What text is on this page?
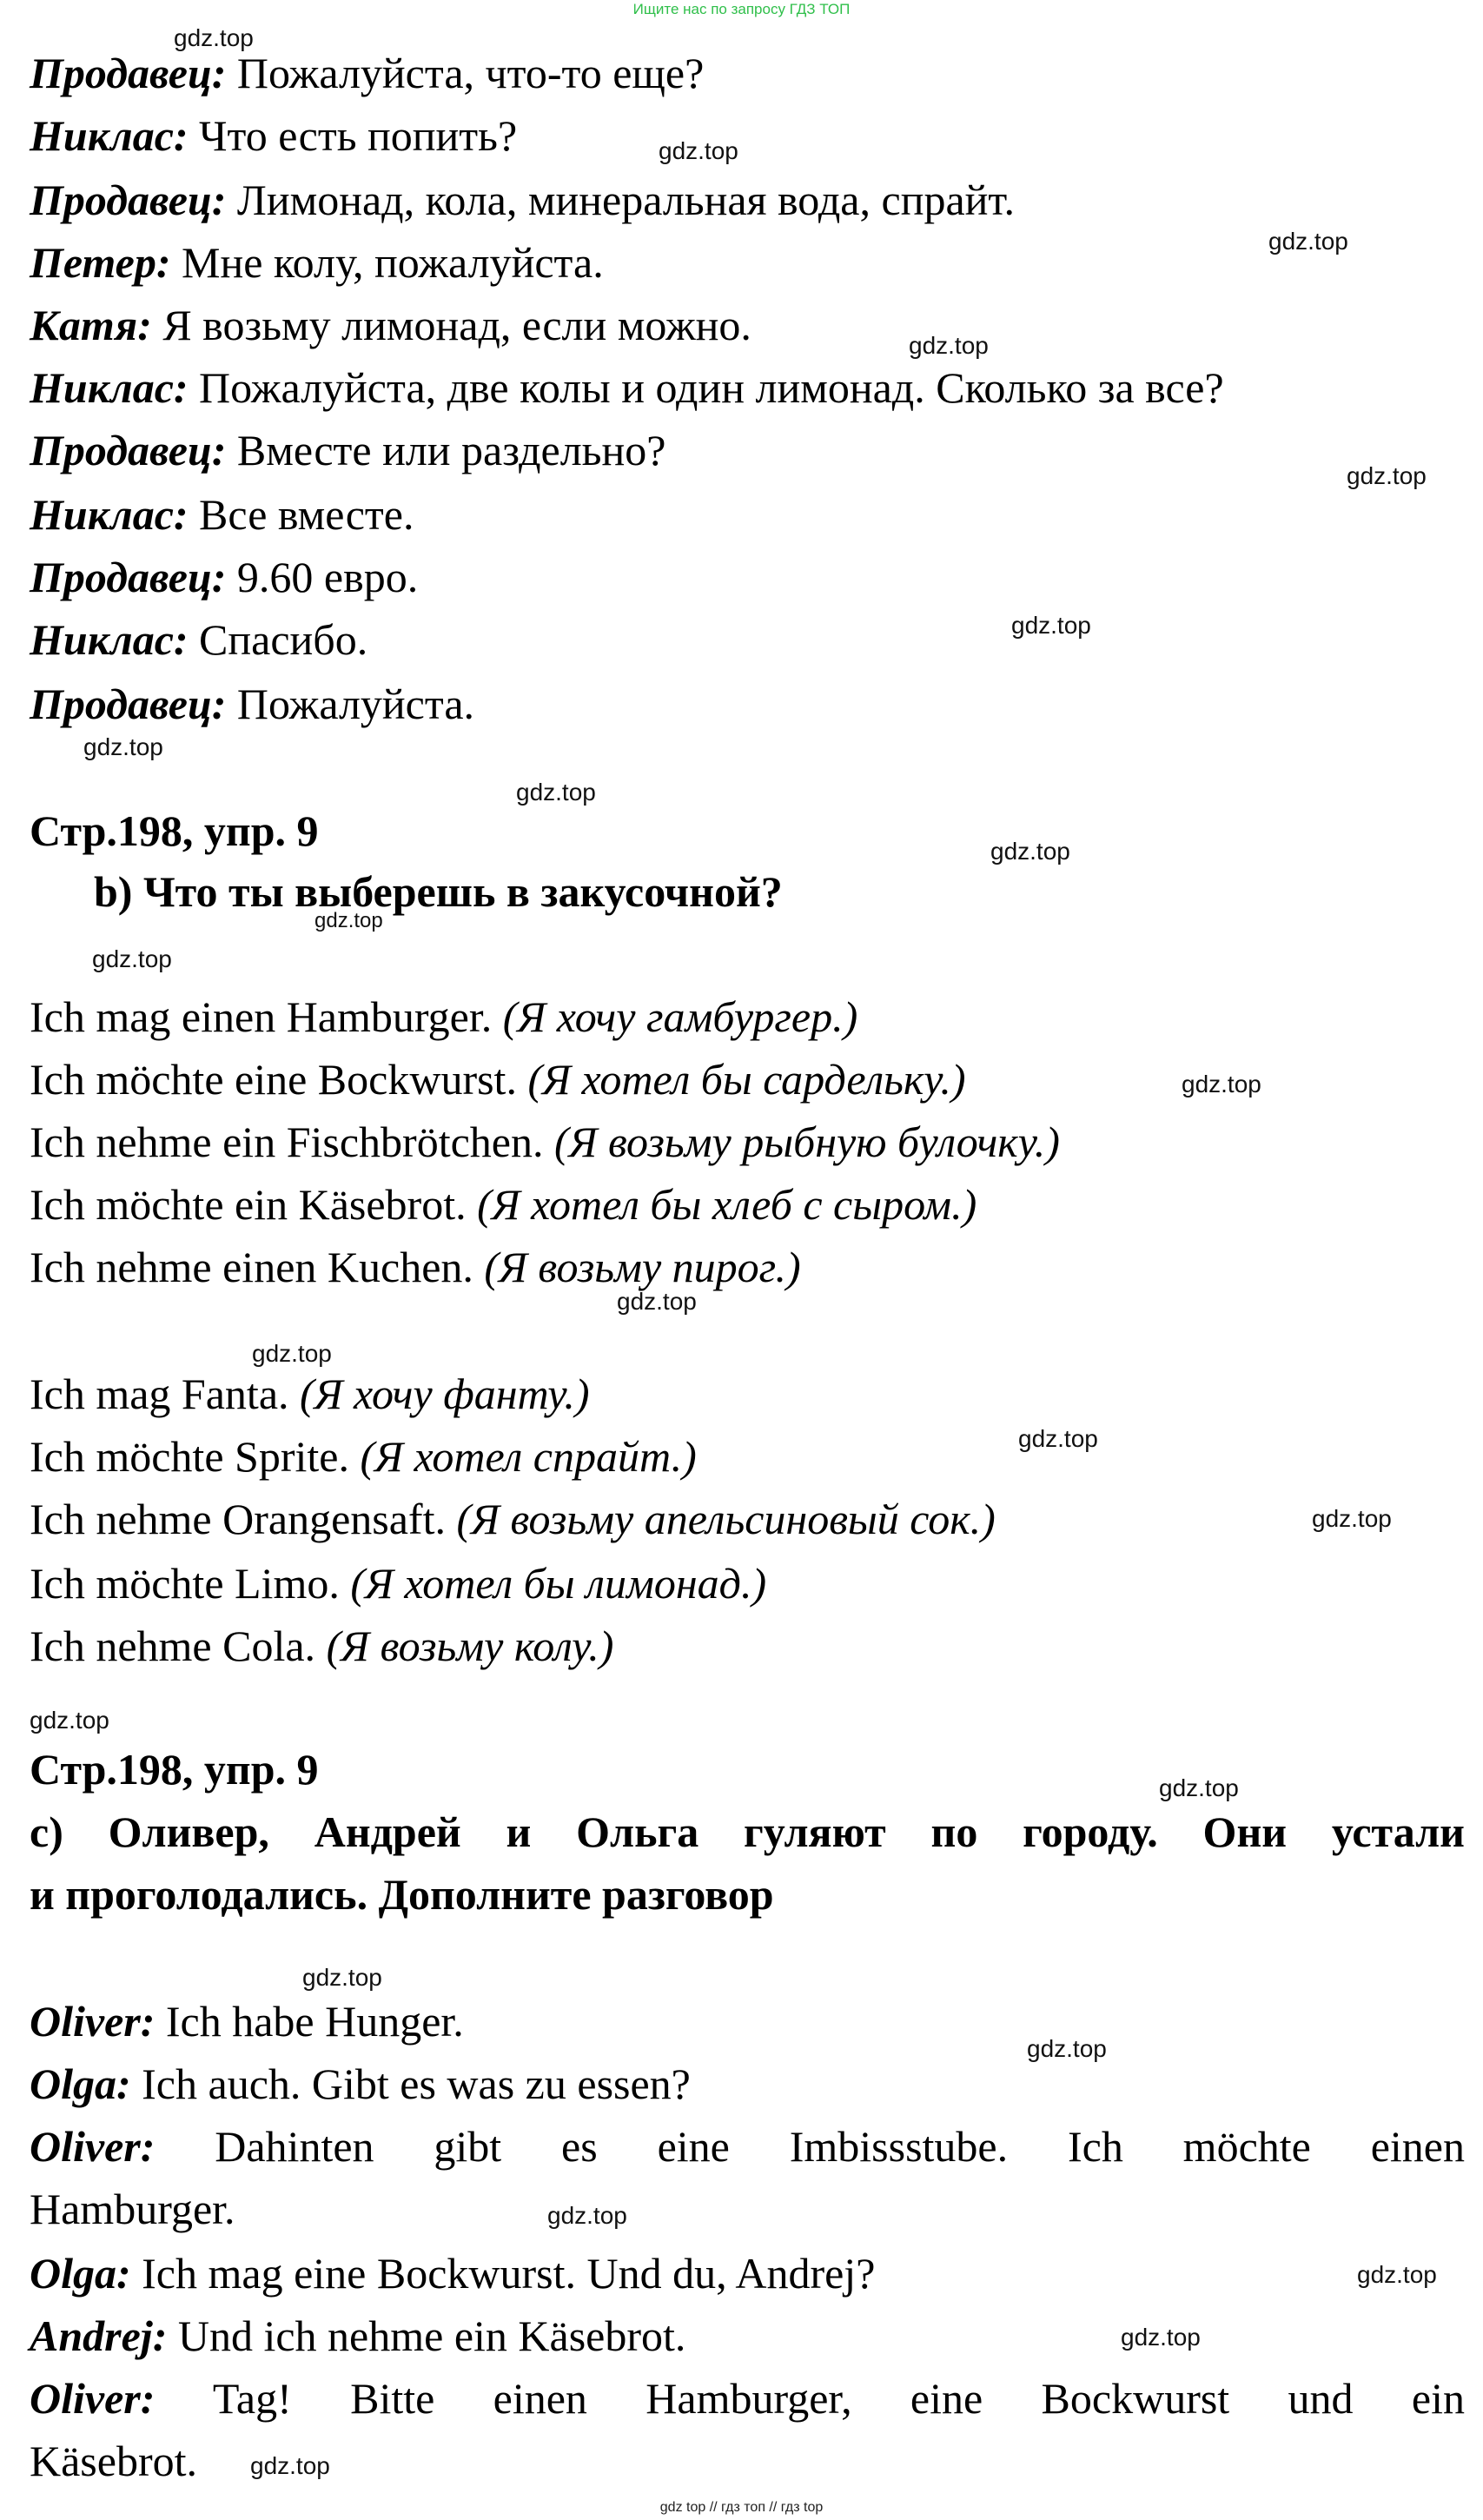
Ищите нас по запросу ГДЗ ТОП
Продавец: Пожалуйста, что-то еще?
Никлас: Что есть попить?
Продавец: Лимонад, кола, минеральная вода, спрайт.
Петер: Мне колу, пожалуйста.
Катя: Я возьму лимонад, если можно.
Никлас: Пожалуйста, две колы и один лимонад. Сколько за все?
Продавец: Вместе или раздельно?
Никлас: Все вместе.
Продавец: 9.60 евро.
Никлас: Спасибо.
Продавец: Пожалуйста.
Стр.198, упр. 9
b) Что ты выберешь в закусочной?
Ich mag einen Hamburger. (Я хочу гамбургер.)
Ich möchte eine Bockwurst. (Я хотел бы сардельку.)
Ich nehme ein Fischbrötchen. (Я возьму рыбную булочку.)
Ich möchte ein Käsebrot. (Я хотел бы хлеб с сыром.)
Ich nehme einen Kuchen. (Я возьму пирог.)
Ich mag Fanta. (Я хочу фанту.)
Ich möchte Sprite. (Я хотел спрайт.)
Ich nehme Orangensaft. (Я возьму апельсиновый сок.)
Ich möchte Limo. (Я хотел бы лимонад.)
Ich nehme Cola. (Я возьму колу.)
Стр.198, упр. 9
c) Оливер, Андрей и Ольга гуляют по городу. Они устали
и проголодались. Дополните разговор
Oliver: Ich habe Hunger.
Olga: Ich auch. Gibt es was zu essen?
Oliver: Dahinten gibt es eine Imbissstube. Ich möchte einen
Hamburger.
Olga: Ich mag eine Bockwurst. Und du, Andrej?
Andrej: Und ich nehme ein Käsebrot.
Oliver: Tag! Bitte einen Hamburger, eine Bockwurst und ein
Käsebrot.
gdz.top
gdz.top
gdz.top
gdz.top
gdz.top
gdz.top
gdz.top
gdz.top
gdz.top
gdz.top
gdz.top
gdz.top
gdz.top
gdz.top
gdz.top
gdz.top
gdz.top
gdz.top
gdz.top
gdz.top
gdz.top
gdz.top
gdz.top
gdz.top
gdz top // гдз топ // гдз top
